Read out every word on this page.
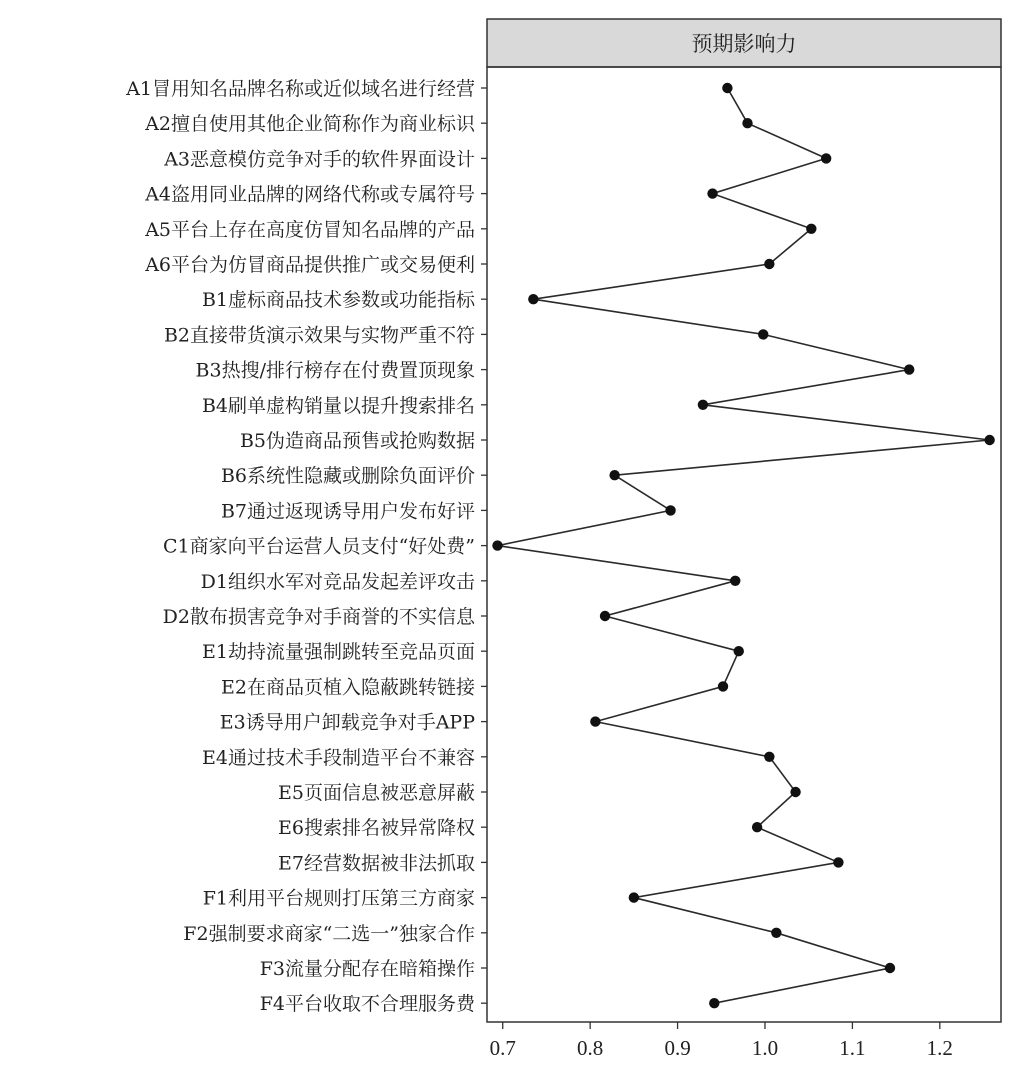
预期影响力
A1冒用知名品牌名称或近似域名进行经营
A2擅自使用其他企业简称作为商业标识
A3恶意模仿竞争对手的软件界面设计
A4盗用同业品牌的网络代称或专属符号
A5平台上存在高度仿冒知名品牌的产品
A6平台为仿冒商品提供推广或交易便利
B1虚标商品技术参数或功能指标
B2直接带货演示效果与实物严重不符
B3热搜/排行榜存在付费置顶现象
B4刷单虚构销量以提升搜索排名
B5伪造商品预售或抢购数据
B6系统性隐藏或删除负面评价
B7通过返现诱导用户发布好评
C1商家向平台运营人员支付“好处费”
D1组织水军对竞品发起差评攻击
D2散布损害竞争对手商誉的不实信息
E1劫持流量强制跳转至竞品页面
E2在商品页植入隐蔽跳转链接
E3诱导用户卸载竞争对手APP
E4通过技术手段制造平台不兼容
E5页面信息被恶意屏蔽
E6搜索排名被异常降权
E7经营数据被非法抓取
F1利用平台规则打压第三方商家
F2强制要求商家“二选一”独家合作
F3流量分配存在暗箱操作
F4平台收取不合理服务费
0.7	0.8	0.9	1.0	1.1	1.2
